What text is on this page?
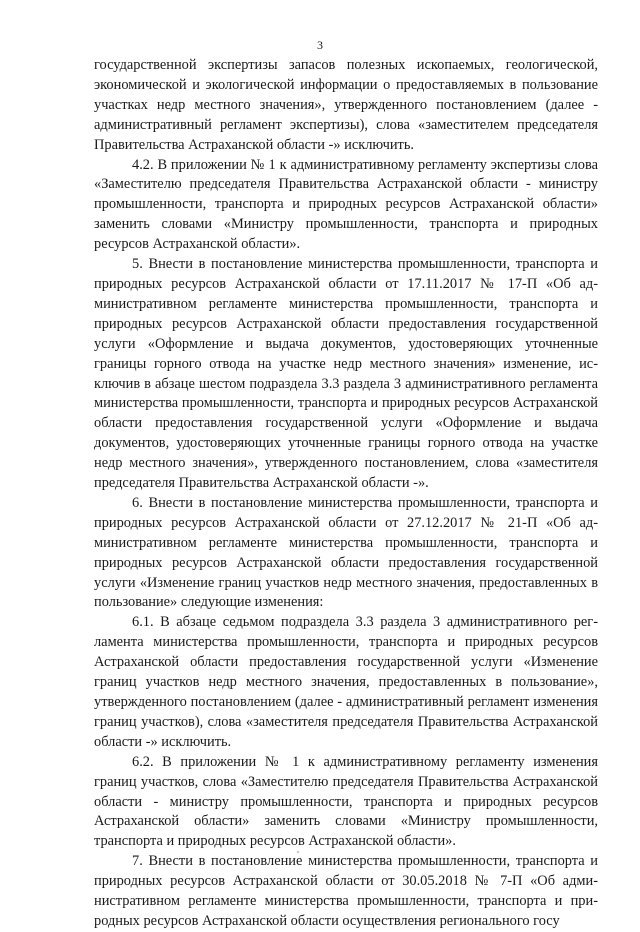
3

государственной экспертизы запасов полезных ископаемых, геологической, экономической и экологической информации о предоставляемых в пользование участках недр местного значения», утвержденного постановлением (далее - административный регламент экспертизы), слова «заместителем председателя Правительства Астраханской области -» исключить.

4.2. В приложении № 1 к административному регламенту экспертизы слова «Заместителю председателя Правительства Астраханской области - министру промышленности, транспорта и природных ресурсов Астраханской области» заменить словами «Министру промышленности, транспорта и природных ресурсов Астраханской области».

5. Внести в постановление министерства промышленности, транспорта и природных ресурсов Астраханской области от 17.11.2017 № 17-П «Об административном регламенте министерства промышленности, транспорта и природных ресурсов Астраханской области предоставления государственной услуги «Оформление и выдача документов, удостоверяющих уточненные границы горного отвода на участке недр местного значения» изменение, исключив в абзаце шестом подраздела 3.3 раздела 3 административного регламента министерства промышленности, транспорта и природных ресурсов Астраханской области предоставления государственной услуги «Оформление и выдача документов, удостоверяющих уточненные границы горного отвода на участке недр местного значения», утвержденного постановлением, слова «заместителя председателя Правительства Астраханской области -».

6. Внести в постановление министерства промышленности, транспорта и природных ресурсов Астраханской области от 27.12.2017 № 21-П «Об административном регламенте министерства промышленности, транспорта и природных ресурсов Астраханской области предоставления государственной услуги «Изменение границ участков недр местного значения, предоставленных в пользование» следующие изменения:

6.1. В абзаце седьмом подраздела 3.3 раздела 3 административного регламента министерства промышленности, транспорта и природных ресурсов Астраханской области предоставления государственной услуги «Изменение границ участков недр местного значения, предоставленных в пользование», утвержденного постановлением (далее - административный регламент изменения границ участков), слова «заместителя председателя Правительства Астраханской области -» исключить.

6.2. В приложении № 1 к административному регламенту изменения границ участков, слова «Заместителю председателя Правительства Астраханской области - министру промышленности, транспорта и природных ресурсов Астраханской области» заменить словами «Министру промышленности, транспорта и природных ресурсов Астраханской области».

7. Внести в постановление министерства промышленности, транспорта и природных ресурсов Астраханской области от 30.05.2018 № 7-П «Об административном регламенте министерства промышленности, транспорта и природных ресурсов Астраханской области осуществления регионального госу
